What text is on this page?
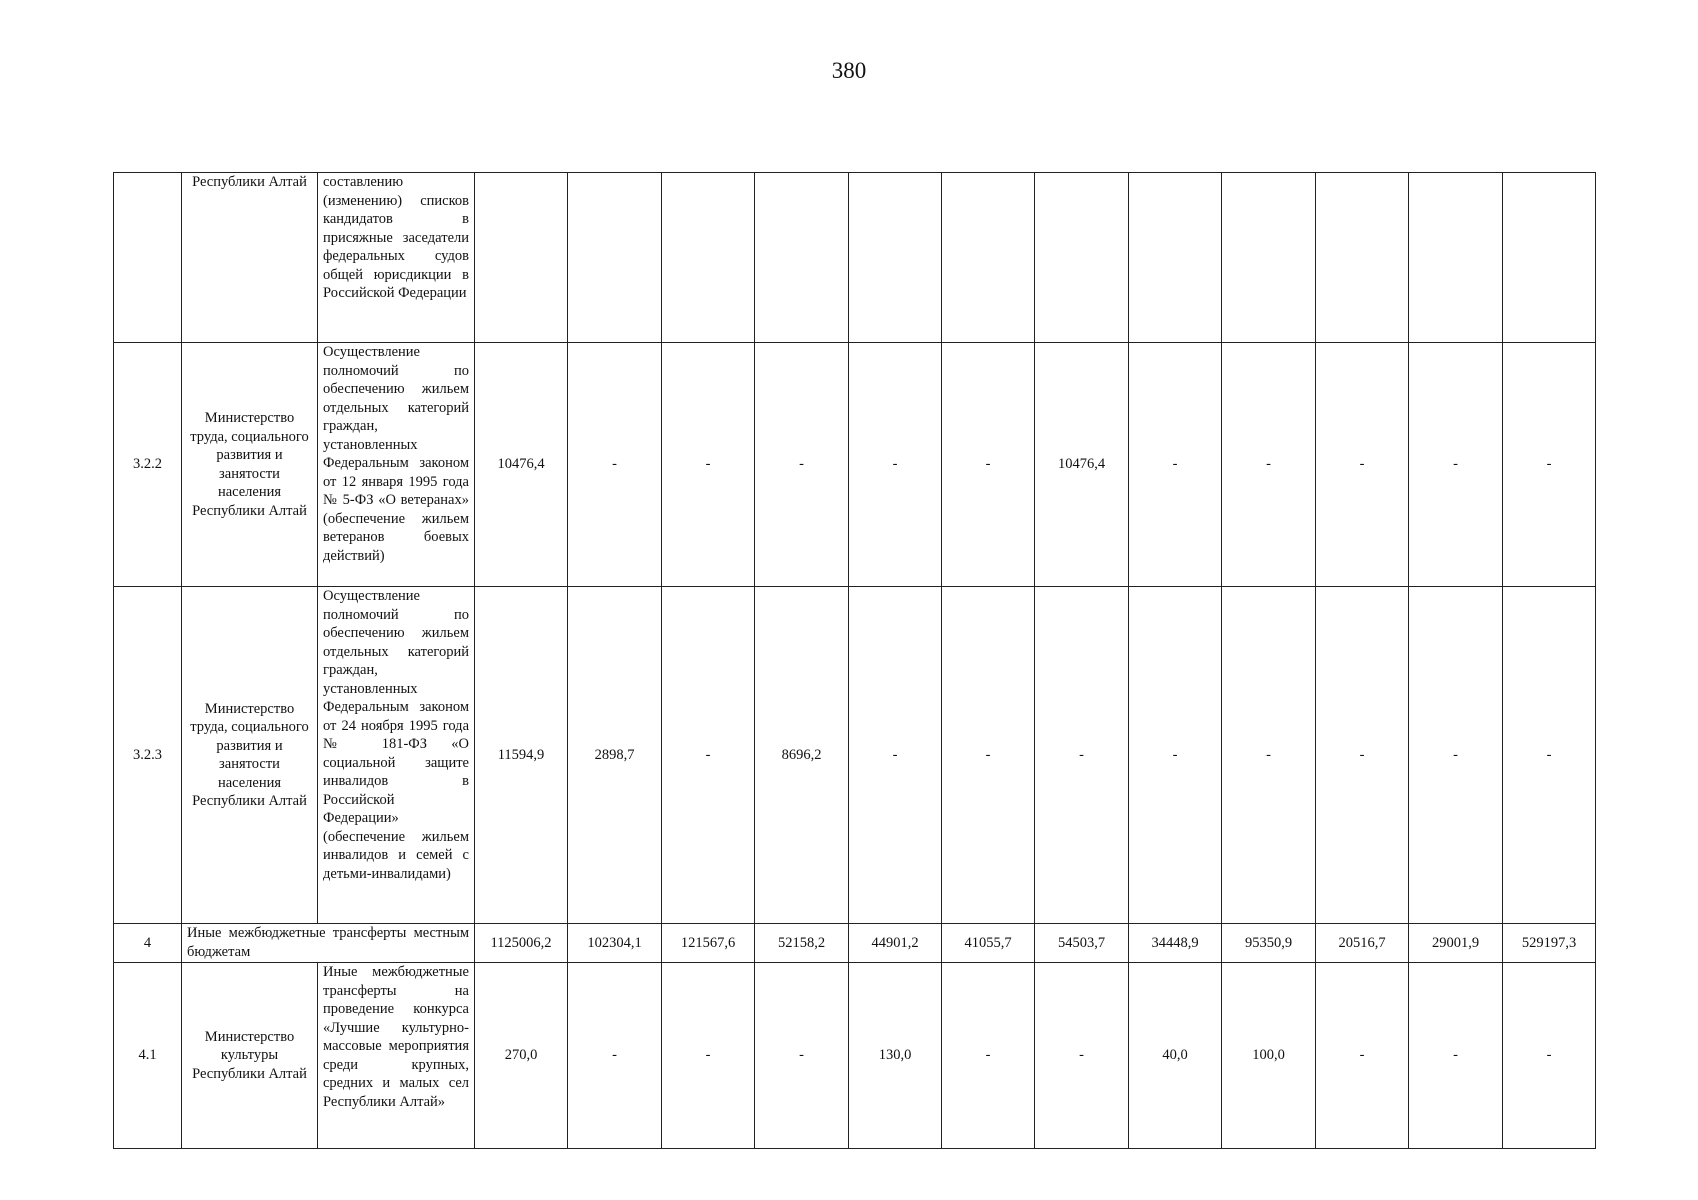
380
	Республики Алтай	составлению (изменению) списков кандидатов в присяжные заседатели федеральных судов общей юрисдикции в Российской Федерации												
3.2.2	Министерство труда, социального развития и занятости населения Республики Алтай	Осуществление полномочий по обеспечению жильем отдельных категорий граждан, установленных Федеральным законом от 12 января 1995 года № 5-ФЗ «О ветеранах» (обеспечение жильем ветеранов боевых действий)	10476,4	-	-	-	-	-	10476,4	-	-	-	-	-
3.2.3	Министерство труда, социального развития и занятости населения Республики Алтай	Осуществление полномочий по обеспечению жильем отдельных категорий граждан, установленных Федеральным законом от 24 ноября 1995 года № 181-ФЗ «О социальной защите инвалидов в Российской Федерации» (обеспечение жильем инвалидов и семей с детьми-инвалидами)	11594,9	2898,7	-	8696,2	-	-	-	-	-	-	-	-
4	Иные межбюджетные трансферты местным бюджетам		1125006,2	102304,1	121567,6	52158,2	44901,2	41055,7	54503,7	34448,9	95350,9	20516,7	29001,9	529197,3
4.1	Министерство культуры Республики Алтай	Иные межбюджетные трансферты на проведение конкурса «Лучшие культурно-массовые мероприятия среди крупных, средних и малых сел Республики Алтай»	270,0	-	-	-	130,0	-	-	40,0	100,0	-	-	-
